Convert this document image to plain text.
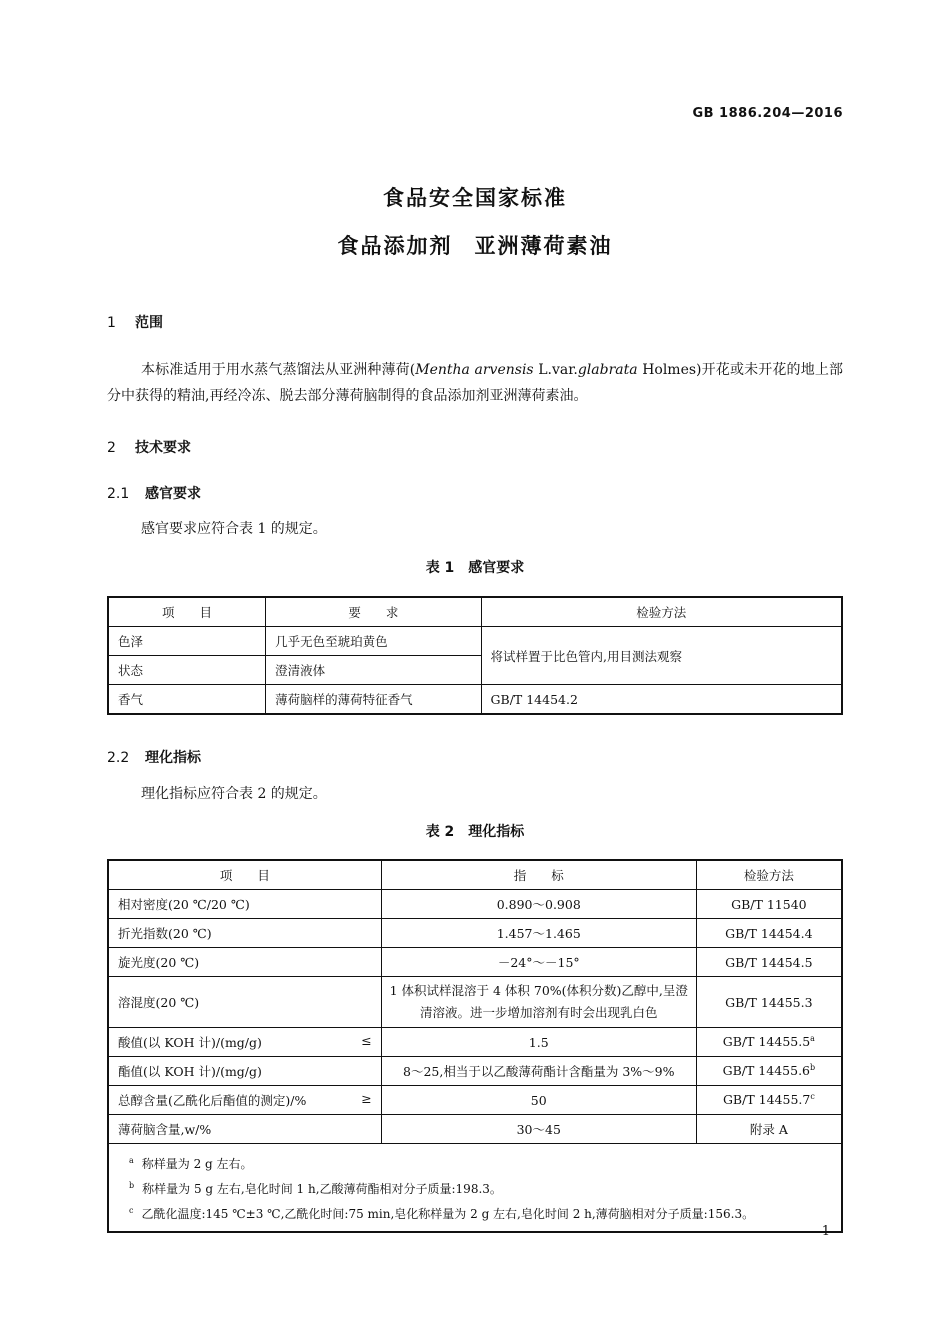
GB 1886.204—2016
食品安全国家标准
食品添加剂 亚洲薄荷素油
1 范围
本标准适用于用水蒸气蒸馏法从亚洲种薄荷(Mentha arvensis L.var.glabrata Holmes)开花或未开花的地上部分中获得的精油,再经冷冻、脱去部分薄荷脑制得的食品添加剂亚洲薄荷素油。
2 技术要求
2.1 感官要求
感官要求应符合表 1 的规定。
表 1　感官要求
项　　目	要　　求	检验方法
色泽	几乎无色至琥珀黄色	将试样置于比色管内,用目测法观察
状态	澄清液体	
香气	薄荷脑样的薄荷特征香气	GB/T 14454.2
2.2 理化指标
理化指标应符合表 2 的规定。
表 2　理化指标
项　　目	指　　标	检验方法
相对密度(20 ℃/20 ℃)	0.890～0.908	GB/T 11540
折光指数(20 ℃)	1.457～1.465	GB/T 14454.4
旋光度(20 ℃)	－24°～－15°	GB/T 14454.5
溶混度(20 ℃)	1 体积试样混溶于 4 体积 70%(体积分数)乙醇中,呈澄清溶液。进一步增加溶剂有时会出现乳白色	GB/T 14455.3
酸值(以 KOH 计)/(mg/g) ≤	1.5	GB/T 14455.5$^a$
酯值(以 KOH 计)/(mg/g)	8～25,相当于以乙酸薄荷酯计含酯量为 3%～9%	GB/T 14455.6$^b$
总醇含量(乙酰化后酯值的测定)/% ≥	50	GB/T 14455.7$^c$
薄荷脑含量,w/%	30～45	附录 A

$^a$ 称样量为 2 g 左右。
$^b$ 称样量为 5 g 左右,皂化时间 1 h,乙酸薄荷酯相对分子质量:198.3。
$^c$ 乙酰化温度:145 ℃±3 ℃,乙酰化时间:75 min,皂化称样量为 2 g 左右,皂化时间 2 h,薄荷脑相对分子质量:156.3。		
1
